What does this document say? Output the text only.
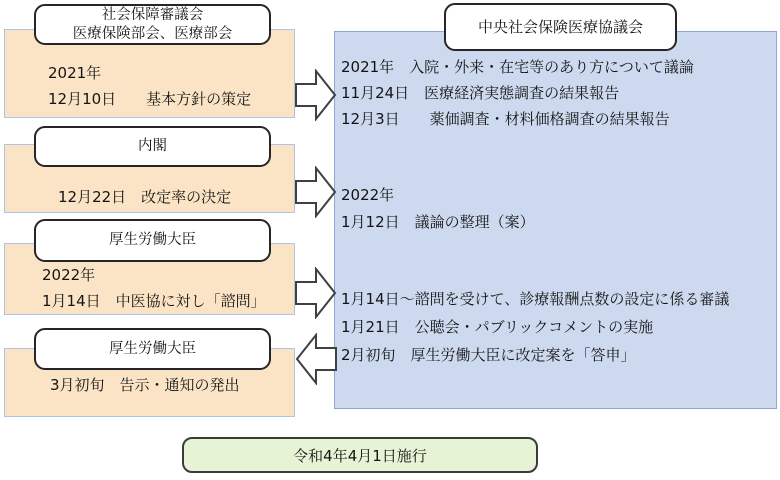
社会保障審議会
医療保険部会、医療部会
内閣
厚生労働大臣
厚生労働大臣
中央社会保険医療協議会
2021年
12月10日　　基本方針の策定
12月22日　改定率の決定
2022年
1月14日　中医協に対し「諮問」
3月初旬　告示・通知の発出
2021年　入院・外来・在宅等のあり方について議論
11月24日　医療経済実態調査の結果報告
12月3日　　薬価調査・材料価格調査の結果報告
2022年
1月12日　議論の整理（案）
1月14日～諮問を受けて、診療報酬点数の設定に係る審議
1月21日　公聴会・パブリックコメントの実施
2月初旬　厚生労働大臣に改定案を「答申」
令和4年4月1日施行
